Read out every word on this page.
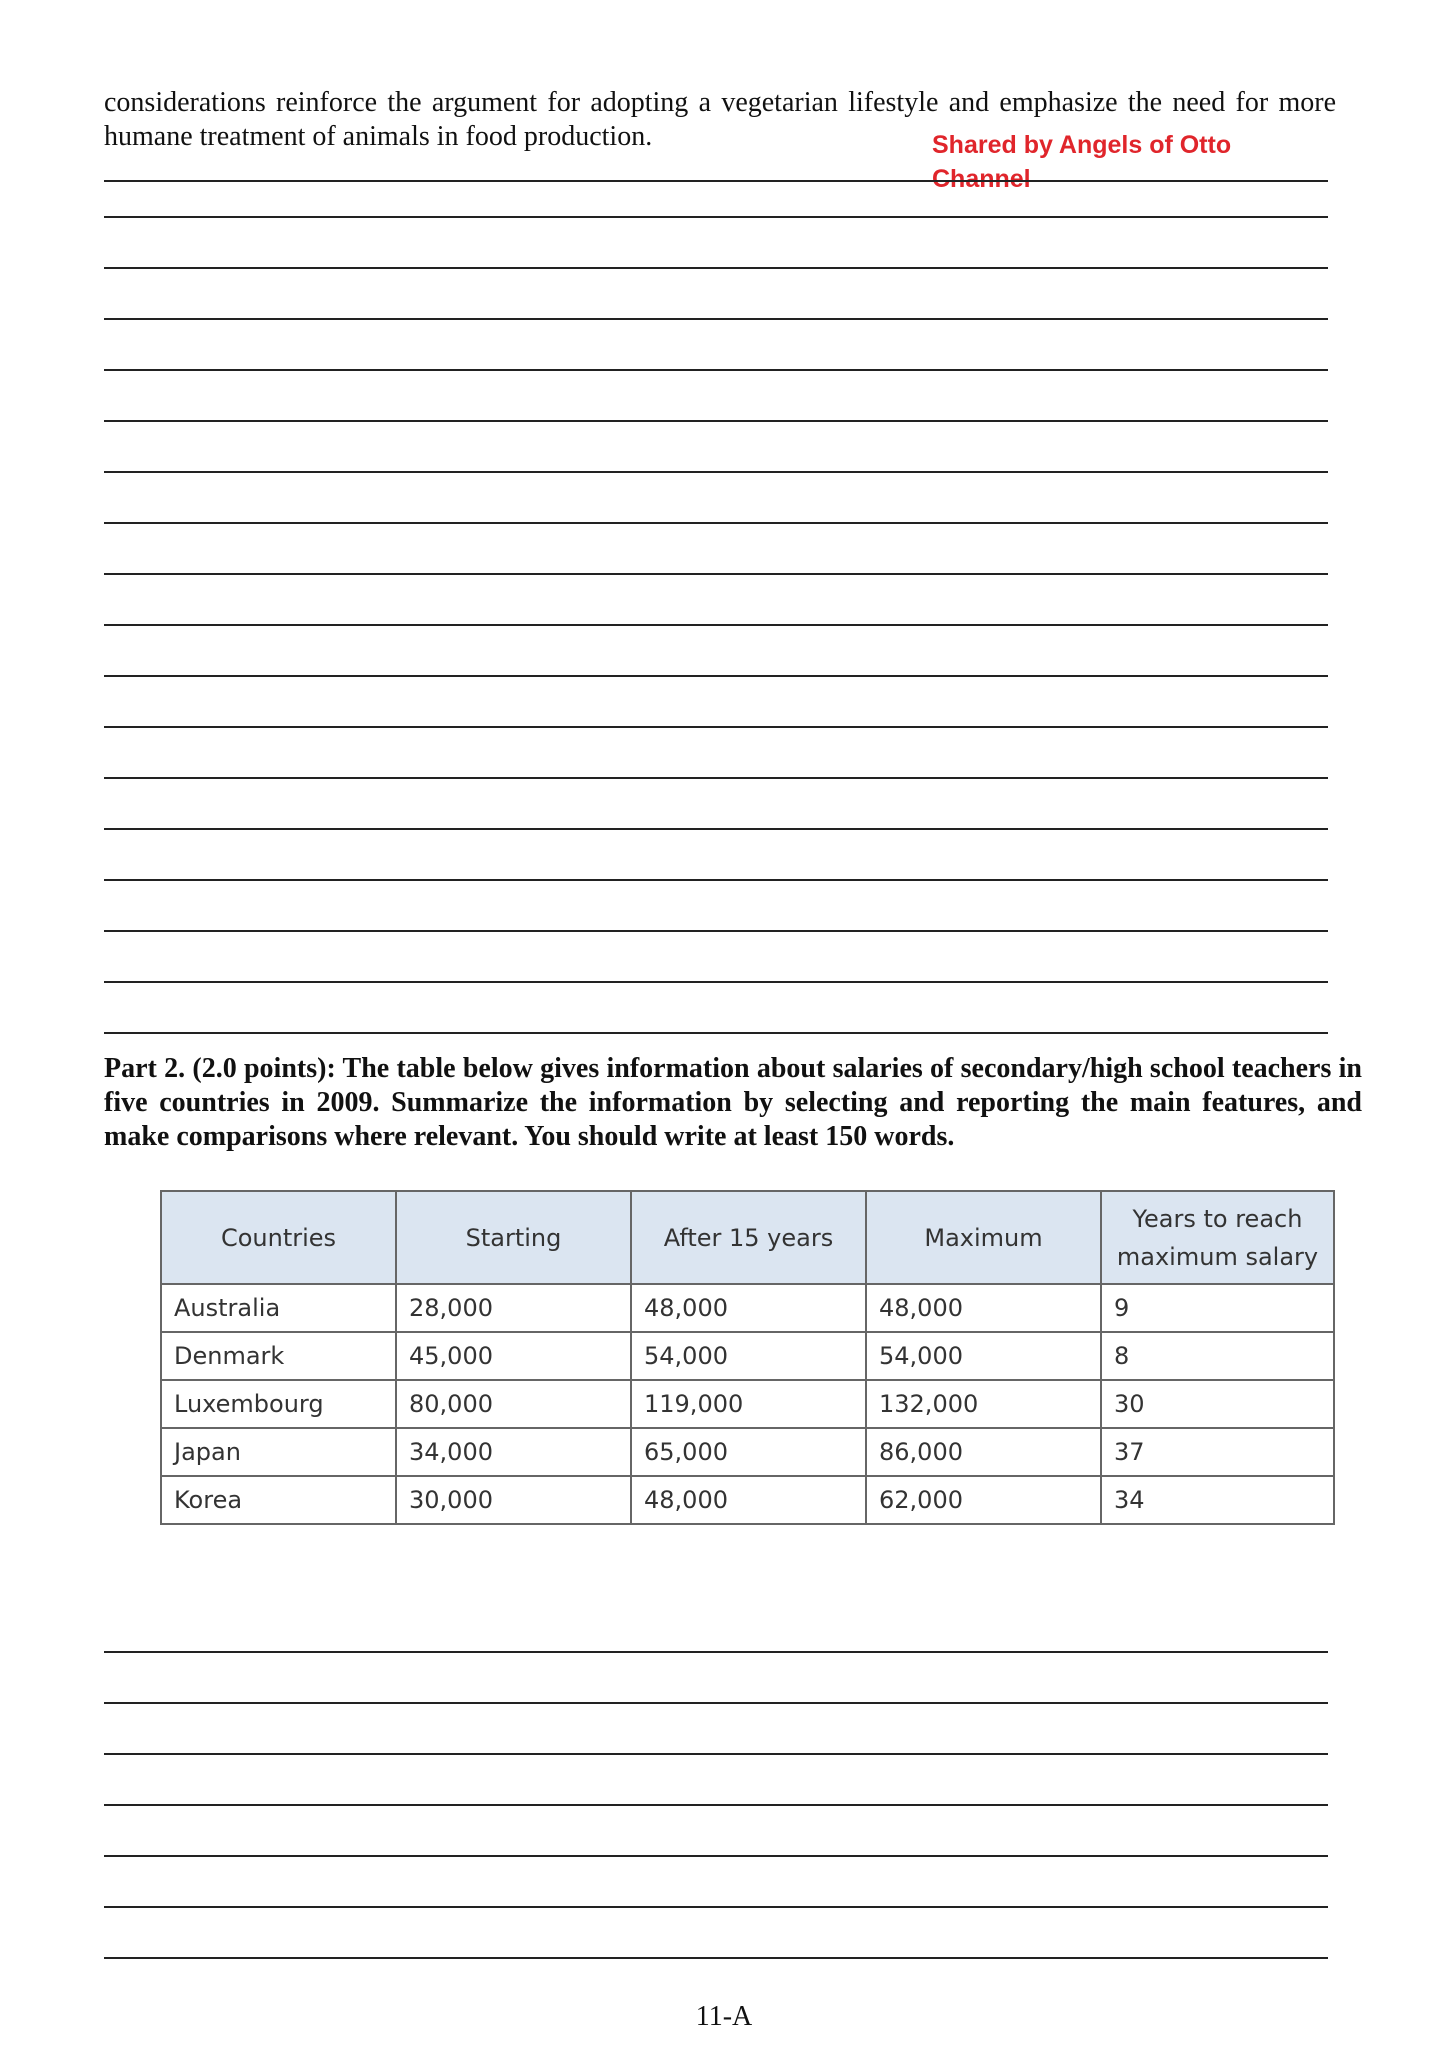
considerations reinforce the argument for adopting a vegetarian lifestyle and emphasize the need for more humane treatment of animals in food production.	Shared by Angels of Otto Channel

Part 2. (2.0 points): The table below gives information about salaries of secondary/high school teachers in five countries in 2009. Summarize the information by selecting and reporting the main features, and make comparisons where relevant. You should write at least 150 words.

Countries	Starting	After 15 years	Maximum	Years to reach maximum salary
Australia	28,000	48,000	48,000	9
Denmark	45,000	54,000	54,000	8
Luxembourg	80,000	119,000	132,000	30
Japan	34,000	65,000	86,000	37
Korea	30,000	48,000	62,000	34
11-A
